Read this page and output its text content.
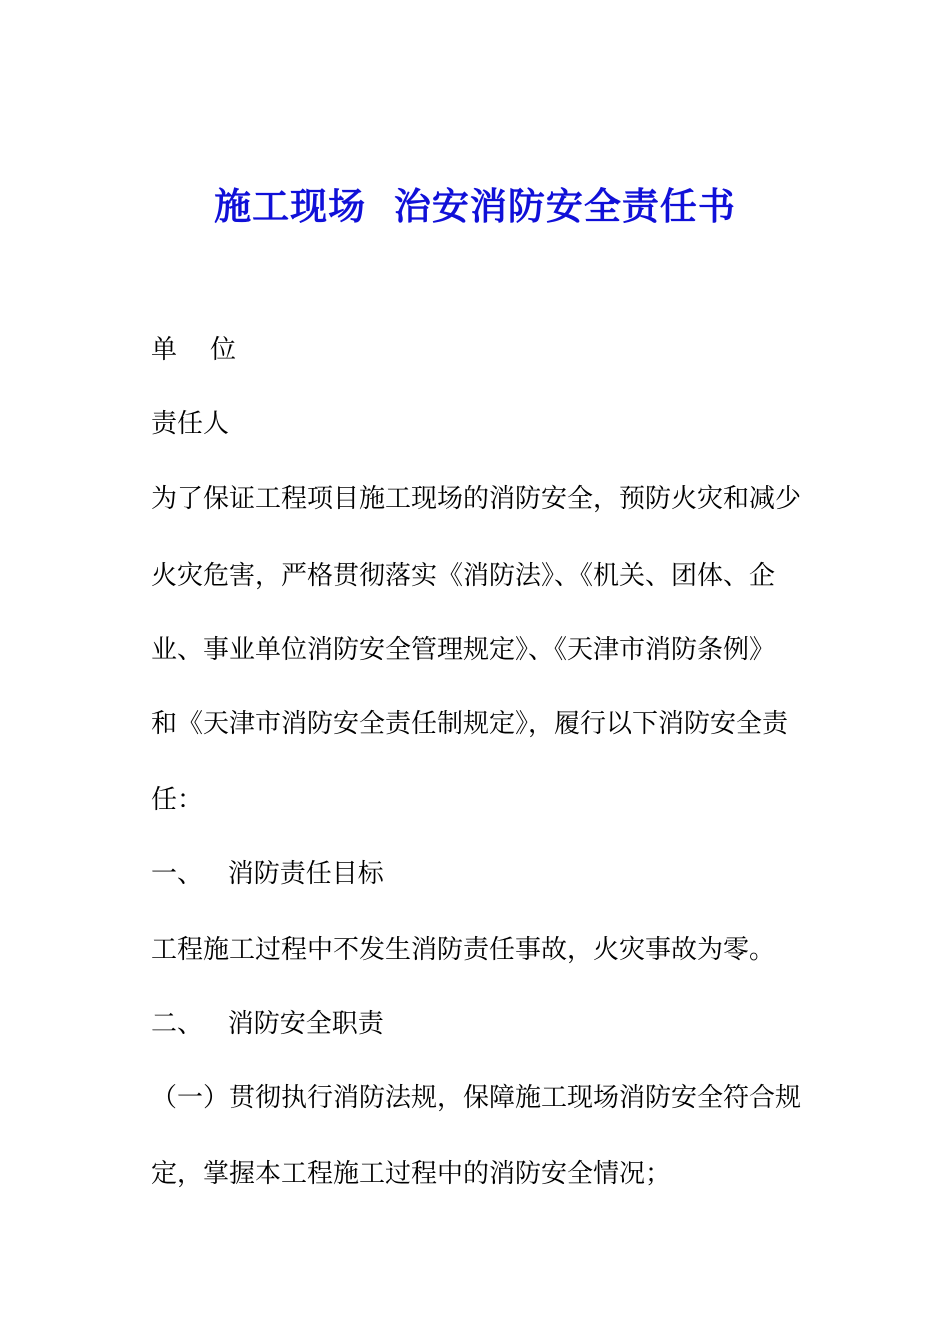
施工现场  治安消防安全责任书

单    位

责任人

为了保证工程项目施工现场的消防安全，预防火灾和减少

火灾危害，严格贯彻落实《消防法》、《机关、团体、企

业、事业单位消防安全管理规定》、《天津市消防条例》

和《天津市消防安全责任制规定》，履行以下消防安全责

任：

一、   消防责任目标

工程施工过程中不发生消防责任事故，火灾事故为零。

二、   消防安全职责

（一）贯彻执行消防法规，保障施工现场消防安全符合规

定，掌握本工程施工过程中的消防安全情况；
